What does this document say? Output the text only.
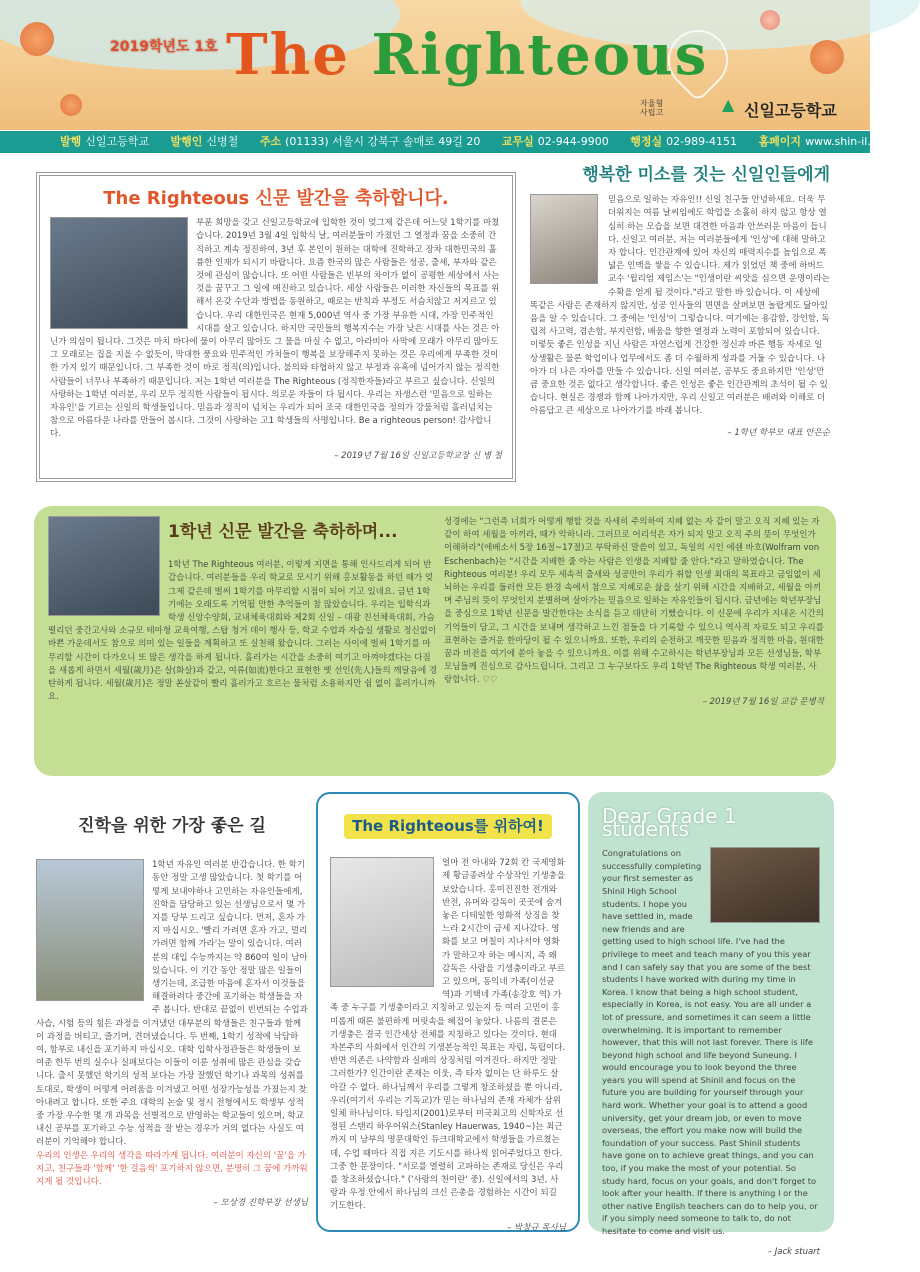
2019학년도 1호 The Righteous
자율형
사립고	▲ 신일고등학교
발행 신일고등학교 발행인 신병철 주소 (01133) 서울시 강북구 솔매로 49길 20 교무실 02-944-9900 행정실 02-989-4151 홈페이지 www.shin-il.hs.kr
The Righteous 신문 발간을 축하합니다.

부푼 희망을 갖고 신일고등학교에 입학한 것이 엊그제 같은데 어느덧 1학기를 마쳤습니다. 2019년 3월 4일 입학식 날, 여러분들이 가졌던 그 열정과 꿈을 소중히 간직하고 계속 정진하여, 3년 후 본인이 원하는 대학에 진학하고 장차 대한민국의 훌륭한 인재가 되시기 바랍니다. 요즘 한국의 많은 사람들은 성공, 출세, 부자와 같은 것에 관심이 많습니다. 또 어떤 사람들은 빈부의 차이가 없이 공평한 세상에서 사는 것을 꿈꾸고 그 일에 매진하고 있습니다. 세상 사람들은 이러한 자신들의 목표를 위해서 온갖 수단과 방법을 동원하고, 때로는 반칙과 부정도 서슴치않고 저지르고 있습니다. 우리 대한민국은 현재 5,000년 역사 중 가장 부유한 시대, 가장 민주적인 시대를 살고 있습니다. 하지만 국민들의 행복지수는 가장 낮은 시대를 사는 것은 아닌가 의심이 됩니다. 그것은 마치 바다에 물이 아무리 많아도 그 물을 마실 수 없고, 아라비아 사막에 모래가 아무리 많아도 그 모래로는 집을 지을 수 없듯이, 막대한 풍요와 민주적인 가치들이 행복을 보장해주지 못하는 것은 우리에게 부족한 것이 한 가지 있기 때문입니다. 그 부족한 것이 바로 정직(의)입니다. 불의와 타협하지 않고 부정과 유혹에 넘어가지 않는 정직한 사람들이 너무나 부족하기 때문입니다. 저는 1학년 여러분을 The Righteous (정직한자들)라고 부르고 싶습니다. 신일의 사랑하는 1학년 여러분, 우리 모두 정직한 사람들이 됩시다. 의로운 자들이 다 됩시다. 우리는 자생스런 '믿음으로 일하는 자유인'을 기르는 신일의 학생들입니다. 믿음과 정직이 넘치는 우리가 되어 조국 대한민국을 정의가 강물처럼 흘러넘치는 참으로 아름다운 나라를 만들어 봅시다. 그것이 사랑하는 고1 학생들의 사명입니다. Be a righteous person! 감사합니다.

– 2019년 7월 16일 신일고등학교장 신 병 철

행복한 미소를 짓는 신일인들에게

믿음으로 일하는 자유인!! 신일 친구들 안녕하세요. 더욱 무더워지는 여름 날씨임에도 학업을 소홀히 하지 않고 항상 열심히 하는 모습을 보면 대견한 마음과 안쓰러운 마음이 듭니다. 신일고 여러분, 저는 여러분들에게 '인성'에 대해 말하고자 합니다. 인간관계에 있어 자신의 매력지수를 높임으로 폭넓은 인맥을 쌓을 수 있습니다. 제가 읽었던 책 중에 하버드 교수 '윌리엄 제임스'는 "인생이란 씨앗을 심으면 운명이라는 수확을 얻게 될 것이다."라고 말한 바 있습니다. 이 세상에 똑같은 사람은 존재하지 않지만, 성공 인사들의 면면을 살펴보면 놀랍게도 닮아있음을 알 수 있습니다. 그 중에는 '인성'이 그렇습니다. 여기에는 용감함, 강인함, 독립적 사고력, 겸손함, 부지런함, 배움을 향한 열정과 노력이 포함되어 있습니다. 이렇듯 좋은 인성을 지닌 사람은 자연스럽게 건강한 정신과 바른 행동 자세로 일상생활은 물론 학업이나 업무에서도 좀 더 수월하게 성과를 거둘 수 있습니다. 나아가 더 나은 자아를 만들 수 있습니다. 신일 여러분, 공부도 중요하지만 '인성'만큼 중요한 것은 없다고 생각합니다. 좋은 인성은 좋은 인간관계의 초석이 될 수 있습니다. 현실은 경쟁과 함께 나아가지만, 우리 신일고 여러분은 배려와 이해로 더 아름답고 큰 세상으로 나아가기를 바래 봅니다.

– 1학년 학부모 대표 안은순

1학년 신문 발간을 축하하며...

1학년 The Righteous 여러분, 이렇게 지면을 통해 인사드리게 되어 반갑습니다. 여러분들을 우리 학교로 모시기 위해 홍보활동을 하던 때가 엊그제 같은데 벌써 1학기를 마무리할 시점이 되어 기고 있네요. 금년 1학기에는 오래도록 기억될 만한 추억들이 참 많았습니다. 우리는 입학식과 학생 신앙수양회, 교내체육대회와 제2회 신일 – 대광 친선체육대회, 가슴 떨리던 중간고사와 소규모 테마형 교육여행, 스탑 청거 데이 행사 등, 학교 수업과 자습실 생활로 정신없이 바쁜 가운데서도 참으로 의미 있는 일들을 계획하고 또 실천해 왔습니다. 그러는 사이에 벌써 1학기를 마무리할 시간이 다가오니 또 많은 생각을 하게 됩니다. 흘러가는 시간을 소중히 여기고 아껴야겠다는 다짐을 새롭게 하면서 세월(歲月)은 살(화살)과 같고, 여류(如流)한다고 표현한 옛 선인(先人)들의 깨달음에 경탄하게 됩니다. 세월(歲月)은 정말 쏜살같이 빨리 흘러가고 흐르는 물처럼 소용하지만 쉼 없이 흘러가니까요.

성경에는 "그런즉 너희가 어떻게 행할 것을 자세히 주의하여 지혜 없는 자 같이 말고 오직 지혜 있는 자 같이 하여 세월을 아끼라, 때가 악하니라. 그러므로 어리석은 자가 되지 말고 오직 주의 뜻이 무엇인가 이해하라"(에베소서 5장 16절~17절)고 부탁하신 말씀이 있고, 독일의 시인 에쉔 바흐(Wolfram von Eschenbach)는 "시간을 지배한 줄 아는 사람은 인생을 지배할 줄 안다."라고 말하였습니다. The Righteous 여러분! 우리 모두 세속적 출세와 성공만이 우리가 취할 인생 최대의 목표라고 금임없이 세뇌하는 우리를 둘러싼 모든 환경 속에서 참으로 지혜로운 삶을 살기 위해 시간을 지배하고, 세월을 아끼며 주님의 뜻이 무엇인지 분별하며 살아가는 믿음으로 일하는 자유인들이 됩시다. 금년에는 학년부장님을 중심으로 1학년 신문을 발간한다는 소식을 듣고 대단히 기뻤습니다. 이 신문에 우리가 지내온 시간의 기억들이 담고, 그 시간을 보내며 생각하고 느낀 점들을 다 기록할 수 있으니 역사적 자료도 되고 우리를 표현하는 즐거운 한마당이 될 수 있으니까요. 또한, 우리의 순전하고 깨끗한 믿음과 정직한 마음, 원대한 꿈과 비전을 여기에 쏟아 놓을 수 있으니까요. 이를 위해 수고하시는 학년부장님과 모든 선생님들, 학부모님들께 진심으로 감사드립니다. 그리고 그 누구보다도 우리 1학년 The Righteous 학생 여러분, 사랑합니다. ♡♡

– 2019년 7월 16일 교감 문병직

진학을 위한 가장 좋은 길

1학년 자유인 여러분 반갑습니다. 한 학기 동안 정말 고생 많았습니다. 첫 학기를 어떻게 보내야하나 고민하는 자유인들에게, 진학을 담당하고 있는 선생님으로서 몇 가지를 당부 드리고 싶습니다. 먼저, 혼자 가지 마십시오. '빨리 가려면 혼자 가고, 멀리 가려면 함께 가라'는 말이 있습니다. 여러분의 대입 수능까지는 약 860여 일이 남아 있습니다. 이 기간 동안 정말 많은 일들이 생기는데, 조급한 마음에 혼자서 이것들을 해결하려다 중간에 포기하는 학생들을 자주 봅니다. 반대로 끝없이 빈번되는 수업과 사습, 시험 등의 힘든 과정을 이겨냈던 대부분의 학생들은 친구들과 함께 이 과정을 버티고, 즐기며, 견뎌냈습니다. 두 번째, 1학기 성적에 낙담하여, 함부로 내신을 포기하지 마십시오. 대학 입학사정관들은 학생들이 보여준 한두 번의 실수나 실패보다는 이들이 이룬 성취에 많은 관심을 갖습니다. 출시 못했던 학기의 성적 보다는 가장 잘했던 학기나 과목의 성취를 토대로, 학생이 어떻게 어려움을 이겨냈고 어떤 성장가능성을 가졌는지 찾아내려고 합니다. 또한 주요 대학의 논술 및 정시 전형에서도 학생부 성적 중 가장 우수한 몇 개 과목을 선별적으로 반영하는 학교들이 있으며, 학교 내신 공부를 포기하고 수능 성적을 잘 받는 경우가 거의 없다는 사실도 여러분이 기억해야 합니다.

우리의 인생은 우리의 생각을 따라가게 됩니다. 여러분이 자신의 '꿈'을 가지고, 친구들과 '함께' '한 걸음씩' 포기하지 않으면, 분명히 그 꿈에 가까워지게 될 것입니다.

– 모상경 진학부장 선생님

The Righteous를 위하여!

얼마 전 아내와 72회 칸 국제영화제 황금종려상 수상작인 기생충을 보았습니다. 홍미진진한 전개와 반전, 유머와 감독이 곳곳에 숨겨놓은 디테일한 영화적 상징을 찾느라 2시간이 금세 지나갔다. 영화를 보고 며칠이 지나서야 영화가 말하고자 하는 메시지, 즉 왜 감독은 사람을 기생충이라고 부르고 있으며, 동익네 가족(이선균 역)과 기택네 가족(송강호 역) 가족 중 누구를 기생충이라고 지칭하고 있는지 등 여러 고민이 홍미롭게 때론 불편하게 머릿속을 헤집어 놓았다. 나름의 결론은 기생충은 결국 인간세상 전체를 지칭하고 있다는 것이다. 현대 자본주의 사회에서 인간의 기생본능적인 목표는 자립, 독립이다. 반면 의존은 나약함과 실패의 상징처럼 여겨진다. 하지만 정말 그러한가? 인간이란 존재는 이웃, 즉 타자 없이는 단 하루도 살아갈 수 없다. 하나님께서 우리를 그렇게 창조하셨을 뿐 아니라, 우리(여기서 우리는 기독교)가 믿는 하나님의 존재 자체가 삼위일체 하나님이다. 타임지(2001)로부터 미국최고의 신학자로 선정된 스탠리 하우어워스(Stanley Hauerwas, 1940~)는 최근까지 미 남부의 명문대학인 듀크대학교에서 학생들을 가르쳤는데, 수업 때마다 직접 지은 기도시를 하나씩 읽어주었다고 한다. 그중 한 문장이다. "서로를 열렬히 고파하는 존재로 당신은 우리를 창조하셨습니다." ('사랑의 천이란' 중). 신일에서의 3년, 사랑과 우정 안에서 하나님의 크신 은총을 경험하는 시간이 되길 기도한다.

– 박창규 목사님

Dear Grade 1 students

Congratulations on successfully completing your first semester as Shinil High School students. I hope you have settled in, made new friends and are getting used to high school life. I've had the privilege to meet and teach many of you this year and I can safely say that you are some of the best students I have worked with during my time in Korea. I know that being a high school student, especially in Korea, is not easy. You are all under a lot of pressure, and sometimes it can seem a little overwhelming. It is important to remember however, that this will not last forever. There is life beyond high school and life beyond Suneung. I would encourage you to look beyond the three years you will spend at Shinil and focus on the future you are building for yourself through your hard work. Whether your goal is to attend a good university, get your dream job, or even to move overseas, the effort you make now will build the foundation of your success. Past Shinil students have gone on to achieve great things, and you can too, if you make the most of your potential. So study hard, focus on your goals, and don't forget to look after your health. If there is anything I or the other native English teachers can do to help you, or if you simply need someone to talk to, do not hesitate to come and visit us.

– Jack stuart
